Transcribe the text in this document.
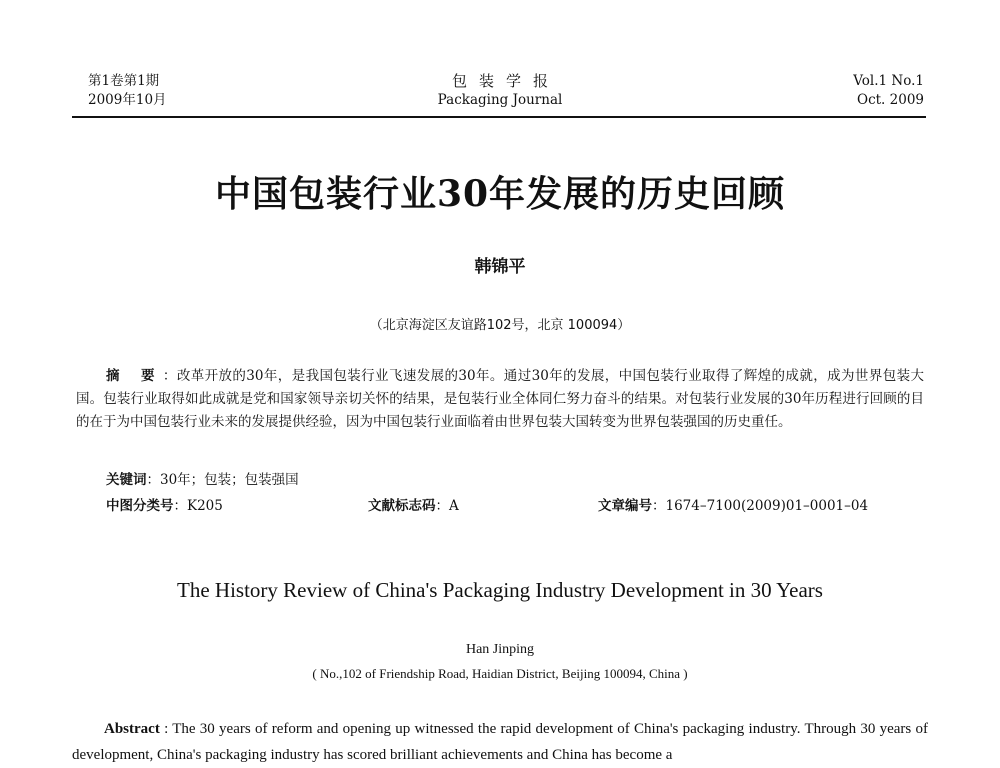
第1卷第1期
2009年10月
包装学报
Packaging Journal
Vol.1 No.1
Oct. 2009
中国包装行业30年发展的历史回顾
韩锦平
（北京海淀区友谊路102号，北京 100094）
摘 要：改革开放的30年，是我国包装行业飞速发展的30年。通过30年的发展，中国包装行业取得了辉煌的成就，成为世界包装大国。包装行业取得如此成就是党和国家领导亲切关怀的结果，是包装行业全体同仁努力奋斗的结果。对包装行业发展的30年历程进行回顾的目的在于为中国包装行业未来的发展提供经验，因为中国包装行业面临着由世界包装大国转变为世界包装强国的历史重任。
关键词：30年；包装；包装强国
中图分类号：K205	文献标志码：A	文章编号：1674–7100(2009)01–0001–04
The History Review of China's Packaging Industry Development in 30 Years
Han Jinping
( No.,102 of Friendship Road, Haidian District, Beijing 100094, China )
Abstract : The 30 years of reform and opening up witnessed the rapid development of China's packaging industry. Through 30 years of development, China's packaging industry has scored brilliant achievements and China has become a
